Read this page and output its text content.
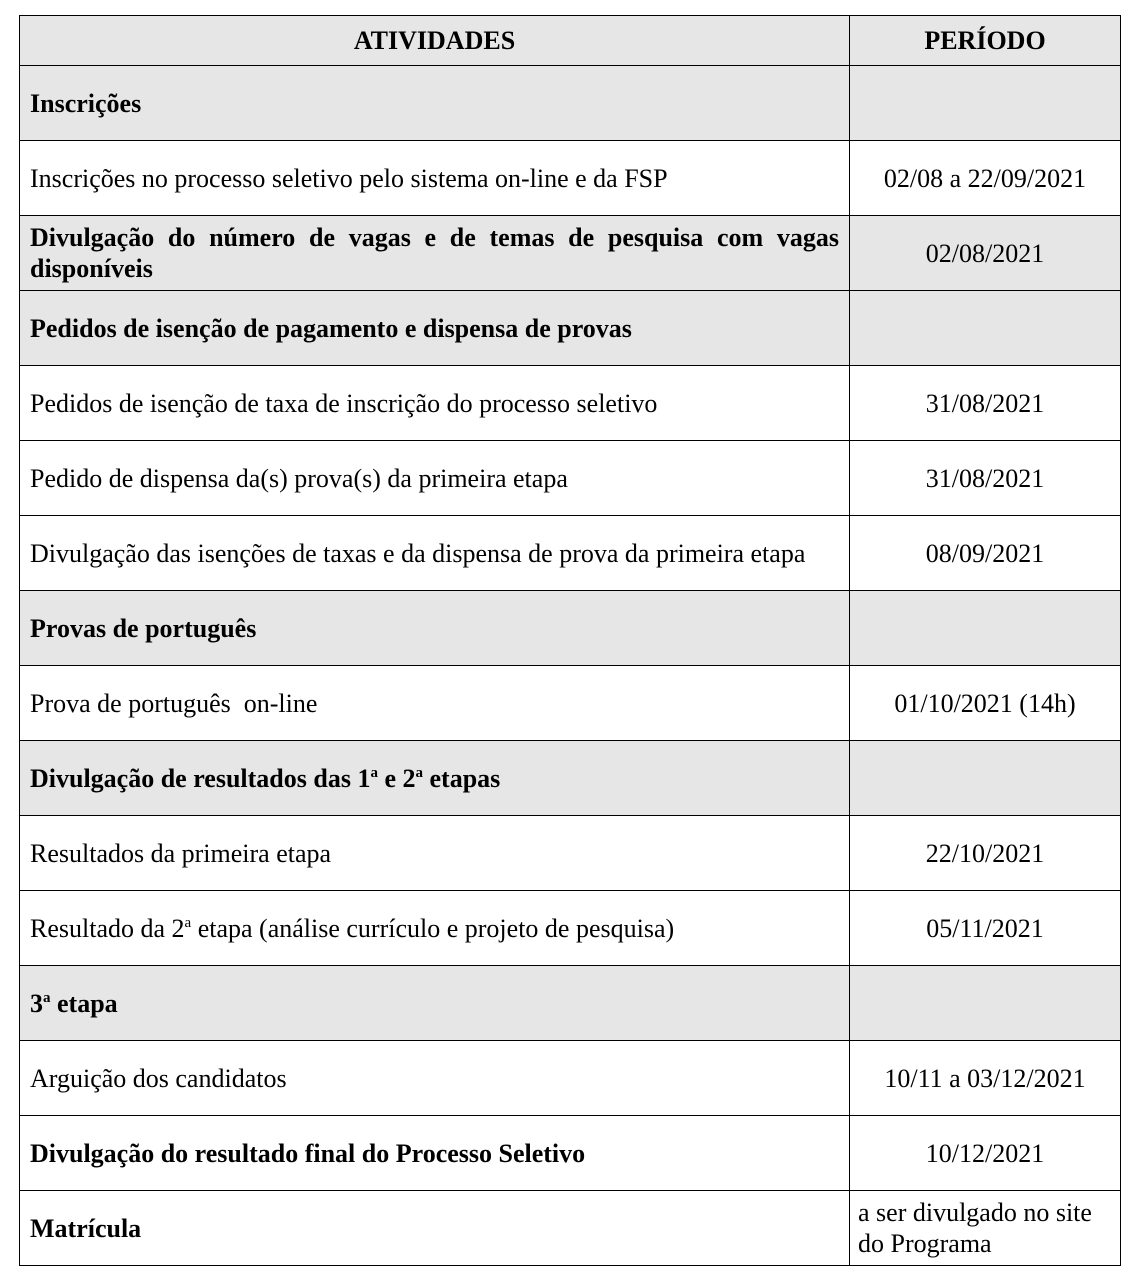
ATIVIDADES	PERÍODO
Inscrições	
Inscrições no processo seletivo pelo sistema on-line e da FSP	02/08 a 22/09/2021
Divulgação do número de vagas e de temas de pesquisa com vagas disponíveis	02/08/2021
Pedidos de isenção de pagamento e dispensa de provas	
Pedidos de isenção de taxa de inscrição do processo seletivo	31/08/2021
Pedido de dispensa da(s) prova(s) da primeira etapa	31/08/2021
Divulgação das isenções de taxas e da dispensa de prova da primeira etapa	08/09/2021
Provas de português	
Prova de português  on-line	01/10/2021 (14h)
Divulgação de resultados das 1$^a$ e 2$^a$ etapas	
Resultados da primeira etapa	22/10/2021
Resultado da 2$^a$ etapa (análise currículo e projeto de pesquisa)	05/11/2021
3$^a$ etapa	
Arguição dos candidatos	10/11 a 03/12/2021
Divulgação do resultado final do Processo Seletivo	10/12/2021
Matrícula	a ser divulgado no site do Programa
